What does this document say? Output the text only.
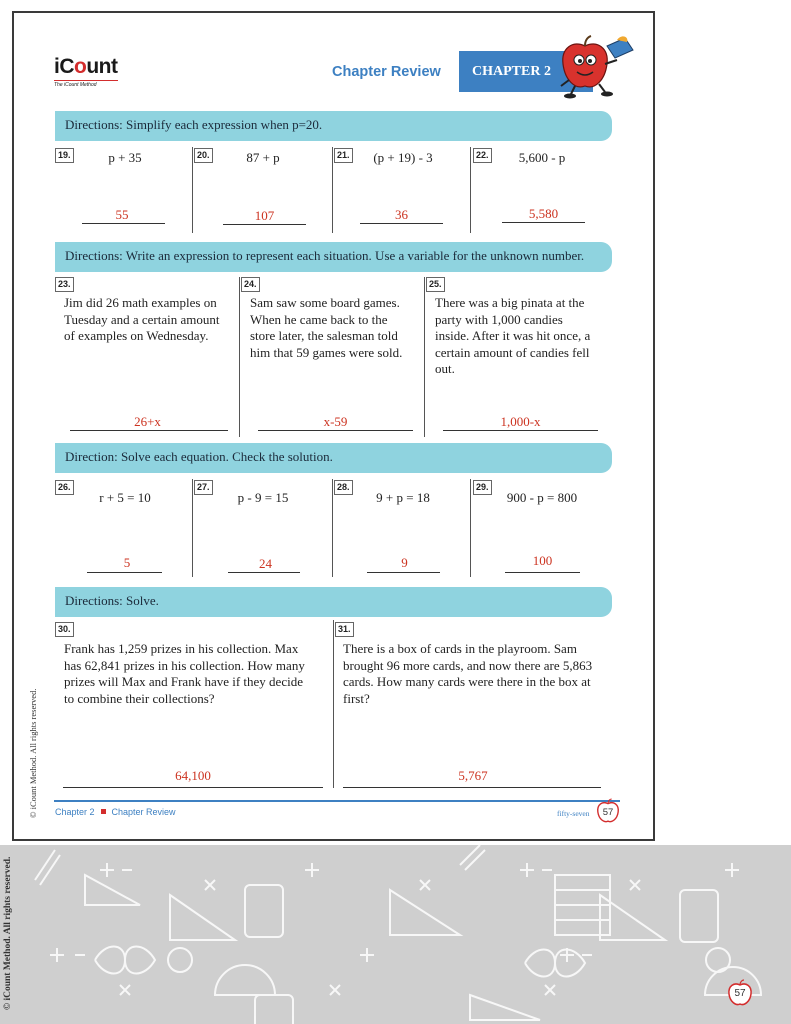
© iCount Method. All rights reserved.	57
© iCount Method. All rights reserved.
iCount
The iCount Method
Chapter Review	CHAPTER 2
Directions: Simplify each expression when p=20.
19.	p + 35
55
20.	87 + p
107
21.	(p + 19) - 3
36
22.	5,600 - p
5,580
Directions: Write an expression to represent each situation. Use a variable for the unknown number.
23.
Jim did 26 math examples on
Tuesday and a certain amount
of examples on Wednesday.
26+x
24.
Sam saw some board games.
When he came back to the
store later, the salesman told
him that 59 games were sold.
x-59
25.
There was a big pinata at the
party with 1,000 candies
inside. After it was hit once, a
certain amount of candies fell
out.
1,000-x
Direction: Solve each equation. Check the solution.
26.
r + 5 = 10
5
27.
p - 9 = 15
24
28.
9 + p = 18
9
29.
900 - p = 800
100
Directions: Solve.
30.
Frank has 1,259 prizes in his collection. Max
has 62,841 prizes in his collection. How many
prizes will Max and Frank have if they decide
to combine their collections?
64,100
31.
There is a box of cards in the playroom. Sam
brought 96 more cards, and now there are 5,863
cards. How many cards were there in the box at
first?
5,767
Chapter 2 Chapter Review	fifty-seven	57
